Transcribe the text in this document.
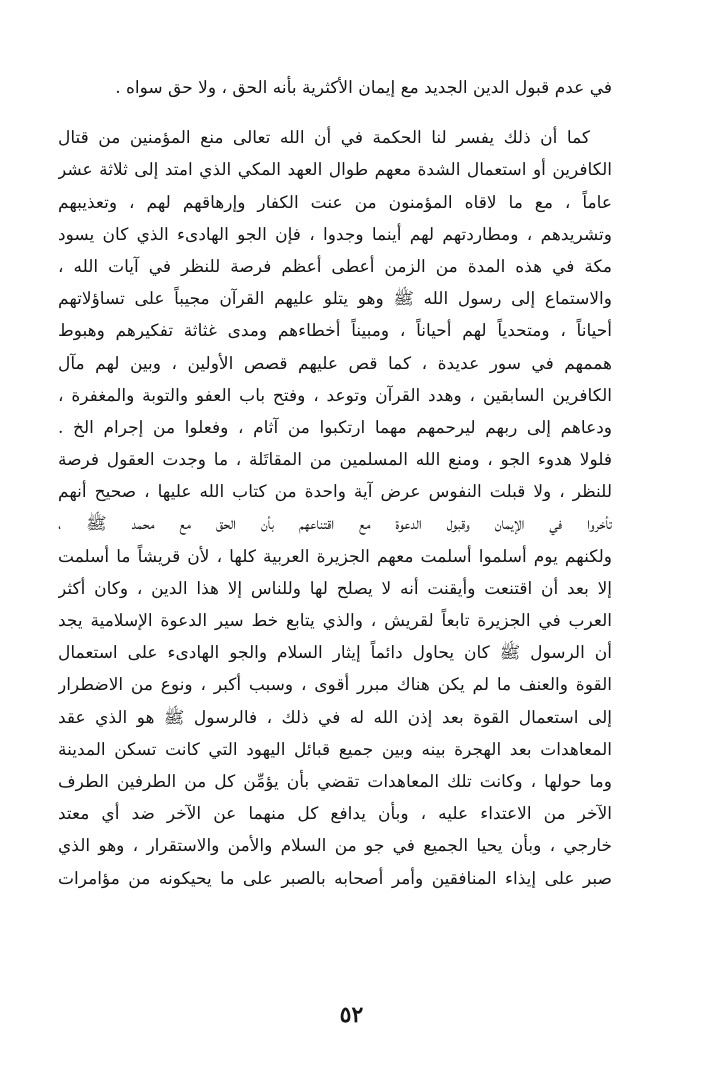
في عدم قبول الدين الجديد مع إيمان الأكثرية بأنه الحق ، ولا حق سواه .
كما أن ذلك يفسر لنا الحكمة في أن الله تعالى منع المؤمنين من قتال
الكافرين أو استعمال الشدة معهم طوال العهد المكي الذي امتد إلى ثلاثة عشر
عاماً ، مع ما لاقاه المؤمنون من عنت الكفار وإرهاقهم لهم ، وتعذيبهم
وتشريدهم ، ومطاردتهم لهم أينما وجدوا ، فإن الجو الهادىء الذي كان يسود
مكة في هذه المدة من الزمن أعطى أعظم فرصة للنظر في آيات الله ،
والاستماع إلى رسول الله ﷺ وهو يتلو عليهم القرآن مجيباً على تساؤلاتهم
أحياناً ، ومتحدياً لهم أحياناً ، ومبيناً أخطاءهم ومدى غثاثة تفكيرهم وهبوط
هممهم في سور عديدة ، كما قص عليهم قصص الأولين ، وبين لهم مآل
الكافرين السابقين ، وهدد القرآن وتوعد ، وفتح باب العفو والتوبة والمغفرة ،
ودعاهم إلى ربهم ليرحمهم مهما ارتكبوا من آثام ، وفعلوا من إجرام الخ .
فلولا هدوء الجو ، ومنع الله المسلمين من المقاتَلة ، ما وجدت العقول فرصة
للنظر ، ولا قبلت النفوس عرض آية واحدة من كتاب الله عليها ، صحيح أنهم
تأخروا في الإيمان وقبول الدعوة مع اقتناعهم بأن الحق مع محمد ﷺ ،
ولكنهم يوم أسلموا أسلمت معهم الجزيرة العربية كلها ، لأن قريشاً ما أسلمت
إلا بعد أن اقتنعت وأيقنت أنه لا يصلح لها وللناس إلا هذا الدين ، وكان أكثر
العرب في الجزيرة تابعاً لقريش ، والذي يتابع خط سير الدعوة الإسلامية يجد
أن الرسول ﷺ كان يحاول دائماً إيثار السلام والجو الهادىء على استعمال
القوة والعنف ما لم يكن هناك مبرر أقوى ، وسبب أكبر ، ونوع من الاضطرار
إلى استعمال القوة بعد إذن الله له في ذلك ، فالرسول ﷺ هو الذي عقد
المعاهدات بعد الهجرة بينه وبين جميع قبائل اليهود التي كانت تسكن المدينة
وما حولها ، وكانت تلك المعاهدات تقضي بأن يؤمِّن كل من الطرفين الطرف
الآخر من الاعتداء عليه ، وبأن يدافع كل منهما عن الآخر ضد أي معتد
خارجي ، وبأن يحيا الجميع في جو من السلام والأمن والاستقرار ، وهو الذي
صبر على إيذاء المنافقين وأمر أصحابه بالصبر على ما يحيكونه من مؤامرات
٥٢
